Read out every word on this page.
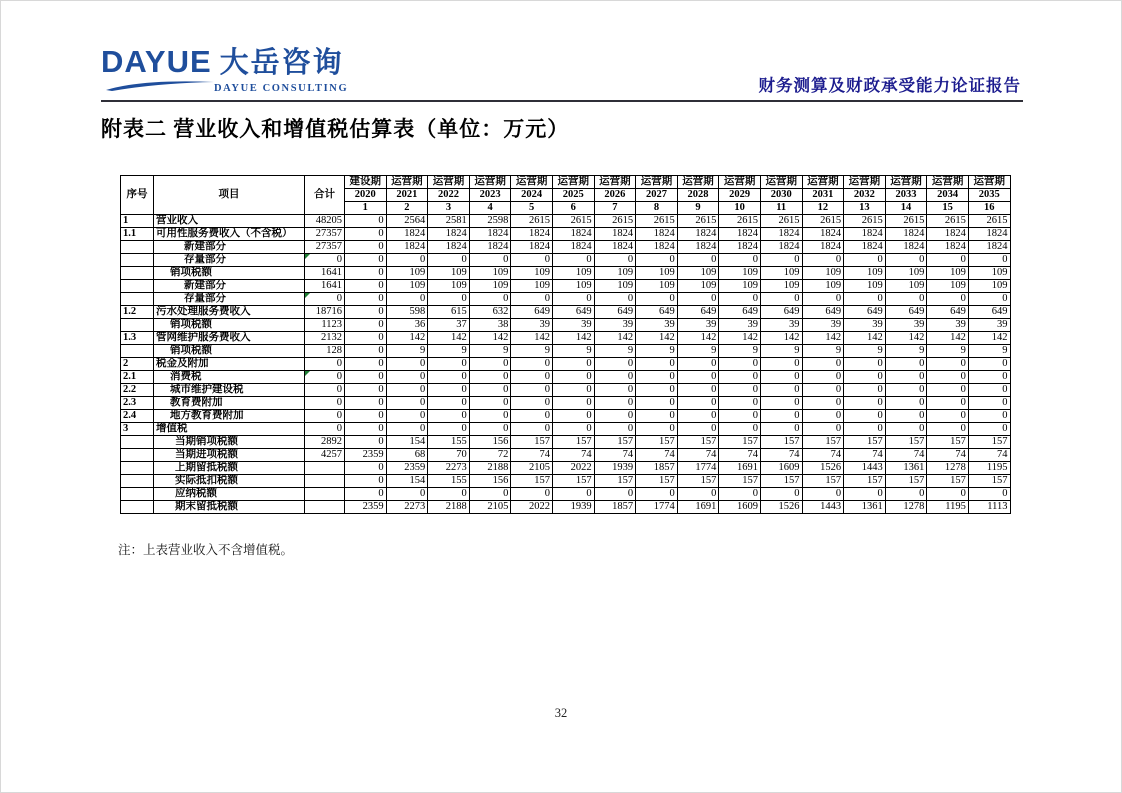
DAYUE 大岳咨询
DAYUE CONSULTING	财务测算及财政承受能力论证报告
附表二 营业收入和增值税估算表（单位：万元）
序号	项目	合计	建设期	运营期	运营期	运营期	运营期	运营期	运营期	运营期	运营期	运营期	运营期	运营期	运营期	运营期	运营期	运营期
			2020	2021	2022	2023	2024	2025	2026	2027	2028	2029	2030	2031	2032	2033	2034	2035
			1	2	3	4	5	6	7	8	9	10	11	12	13	14	15	16
1	营业收入	48205	0	2564	2581	2598	2615	2615	2615	2615	2615	2615	2615	2615	2615	2615	2615	2615
1.1	可用性服务费收入（不含税）	27357	0	1824	1824	1824	1824	1824	1824	1824	1824	1824	1824	1824	1824	1824	1824	1824
	新建部分	27357	0	1824	1824	1824	1824	1824	1824	1824	1824	1824	1824	1824	1824	1824	1824	1824
	存量部分	0	0	0	0	0	0	0	0	0	0	0	0	0	0	0	0	0
	销项税额	1641	0	109	109	109	109	109	109	109	109	109	109	109	109	109	109	109
	新建部分	1641	0	109	109	109	109	109	109	109	109	109	109	109	109	109	109	109
	存量部分	0	0	0	0	0	0	0	0	0	0	0	0	0	0	0	0	0
1.2	污水处理服务费收入	18716	0	598	615	632	649	649	649	649	649	649	649	649	649	649	649	649
	销项税额	1123	0	36	37	38	39	39	39	39	39	39	39	39	39	39	39	39
1.3	管网维护服务费收入	2132	0	142	142	142	142	142	142	142	142	142	142	142	142	142	142	142
	销项税额	128	0	9	9	9	9	9	9	9	9	9	9	9	9	9	9	9
2	税金及附加	0	0	0	0	0	0	0	0	0	0	0	0	0	0	0	0	0
2.1	消费税	0	0	0	0	0	0	0	0	0	0	0	0	0	0	0	0	0
2.2	城市维护建设税	0	0	0	0	0	0	0	0	0	0	0	0	0	0	0	0	0
2.3	教育费附加	0	0	0	0	0	0	0	0	0	0	0	0	0	0	0	0	0
2.4	地方教育费附加	0	0	0	0	0	0	0	0	0	0	0	0	0	0	0	0	0
3	增值税	0	0	0	0	0	0	0	0	0	0	0	0	0	0	0	0	0
	当期销项税额	2892	0	154	155	156	157	157	157	157	157	157	157	157	157	157	157	157
	当期进项税额	4257	2359	68	70	72	74	74	74	74	74	74	74	74	74	74	74	74
	上期留抵税额		0	2359	2273	2188	2105	2022	1939	1857	1774	1691	1609	1526	1443	1361	1278	1195
	实际抵扣税额		0	154	155	156	157	157	157	157	157	157	157	157	157	157	157	157
	应纳税额		0	0	0	0	0	0	0	0	0	0	0	0	0	0	0	0
	期末留抵税额		2359	2273	2188	2105	2022	1939	1857	1774	1691	1609	1526	1443	1361	1278	1195	1113
注：上表营业收入不含增值税。
32
